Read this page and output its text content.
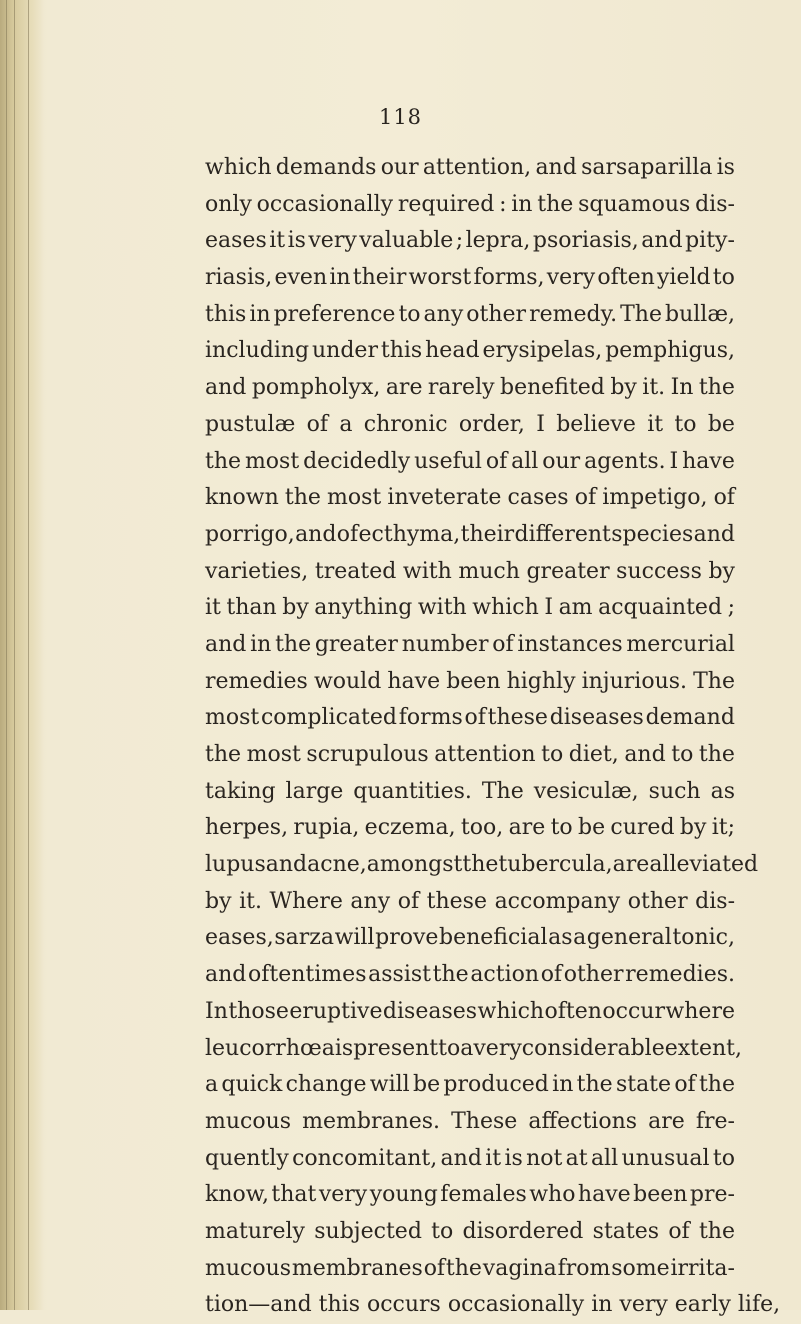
118
which demands our attention, and sarsaparilla is
only occasionally required : in the squamous dis-
eases it is very valuable ; lepra, psoriasis, and pity-
riasis, even in their worst forms, very often yield to
this in preference to any other remedy. The bullæ,
including under this head erysipelas, pemphigus,
and pompholyx, are rarely benefited by it. In the
pustulæ of a chronic order, I believe it to be
the most decidedly useful of all our agents. I have
known the most inveterate cases of impetigo, of
porrigo, and of ecthyma, their different species and
varieties, treated with much greater success by
it than by anything with which I am acquainted ;
and in the greater number of instances mercurial
remedies would have been highly injurious. The
most complicated forms of these diseases demand
the most scrupulous attention to diet, and to the
taking large quantities. The vesiculæ, such as
herpes, rupia, eczema, too, are to be cured by it;
lupus and acne, amongst the tubercula, are alleviated
by it. Where any of these accompany other dis-
eases, sarza will prove beneficial as a general tonic,
and oftentimes assist the action of other remedies.
In those eruptive diseases which often occur where
leucorrhœa is present to a very considerable extent,
a quick change will be produced in the state of the
mucous membranes. These affections are fre-
quently concomitant, and it is not at all unusual to
know, that very young females who have been pre-
maturely subjected to disordered states of the
mucous membranes of the vagina from some irrita-
tion—and this occurs occasionally in very early life,
